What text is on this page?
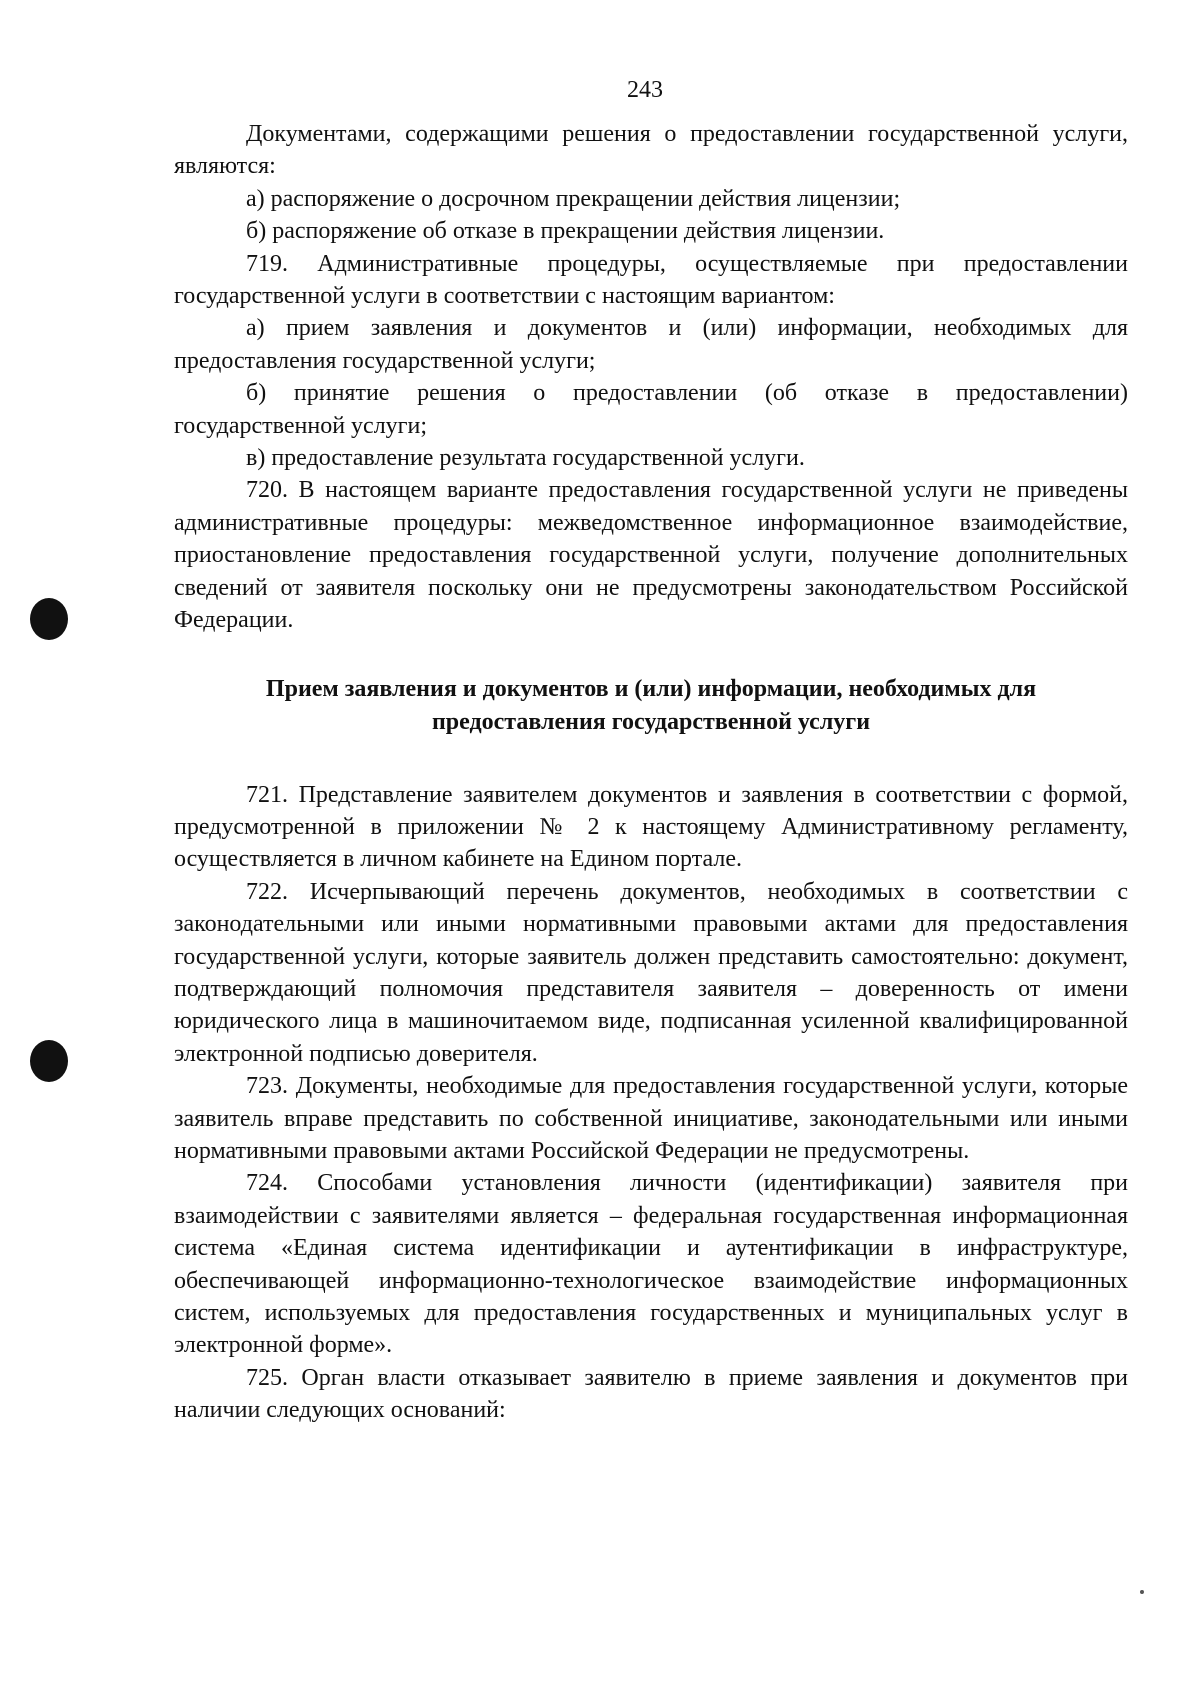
243

Документами, содержащими решения о предоставлении государственной услуги, являются:

а) распоряжение о досрочном прекращении действия лицензии;

б) распоряжение об отказе в прекращении действия лицензии.

719. Административные процедуры, осуществляемые при предоставлении государственной услуги в соответствии с настоящим вариантом:

а) прием заявления и документов и (или) информации, необходимых для предоставления государственной услуги;

б) принятие решения о предоставлении (об отказе в предоставлении) государственной услуги;

в) предоставление результата государственной услуги.

720. В настоящем варианте предоставления государственной услуги не приведены административные процедуры: межведомственное информационное взаимодействие, приостановление предоставления государственной услуги, получение дополнительных сведений от заявителя поскольку они не предусмотрены законодательством Российской Федерации.

Прием заявления и документов и (или) информации, необходимых для
предоставления государственной услуги

721. Представление заявителем документов и заявления в соответствии с формой, предусмотренной в приложении № 2 к настоящему Административному регламенту, осуществляется в личном кабинете на Едином портале.

722. Исчерпывающий перечень документов, необходимых в соответствии с законодательными или иными нормативными правовыми актами для предоставления государственной услуги, которые заявитель должен представить самостоятельно: документ, подтверждающий полномочия представителя заявителя – доверенность от имени юридического лица в машиночитаемом виде, подписанная усиленной квалифицированной электронной подписью доверителя.

723. Документы, необходимые для предоставления государственной услуги, которые заявитель вправе представить по собственной инициативе, законодательными или иными нормативными правовыми актами Российской Федерации не предусмотрены.

724. Способами установления личности (идентификации) заявителя при взаимодействии с заявителями является – федеральная государственная информационная система «Единая система идентификации и аутентификации в инфраструктуре, обеспечивающей информационно-технологическое взаимодействие информационных систем, используемых для предоставления государственных и муниципальных услуг в электронной форме».

725. Орган власти отказывает заявителю в приеме заявления и документов при наличии следующих оснований:
